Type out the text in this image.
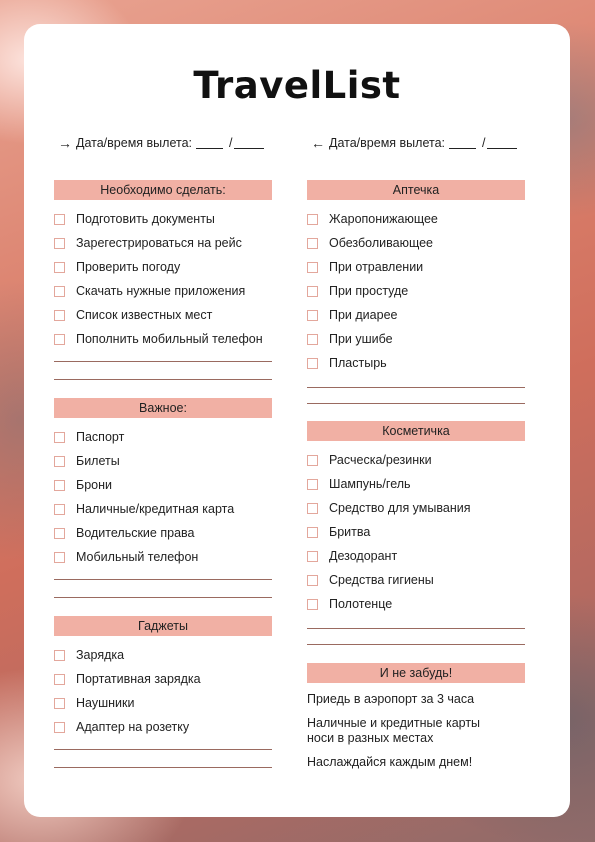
TravelList
→ Дата/время вылета:	/
Необходимо сделать:
Подготовить документы
Зарегестрироваться на рейс
Проверить погоду
Скачать нужные приложения
Список известных мест
Пополнить мобильный телефон
Важное:
Паспорт
Билеты
Брони
Наличные/кредитная карта
Водительские права
Мобильный телефон
Гаджеты
Зарядка
Портативная зарядка
Наушники
Адаптер на розетку
← Дата/время вылета:	/
Аптечка
Жаропонижающее
Обезболивающее
При отравлении
При простуде
При диарее
При ушибе
Пластырь
Косметичка
Расческа/резинки
Шампунь/гель
Средство для умывания
Бритва
Дезодорант
Средства гигиены
Полотенце
И не забудь!
Приедь в аэропорт за 3 часа
Наличные и кредитные карты
носи в разных местах
Наслаждайся каждым днем!
